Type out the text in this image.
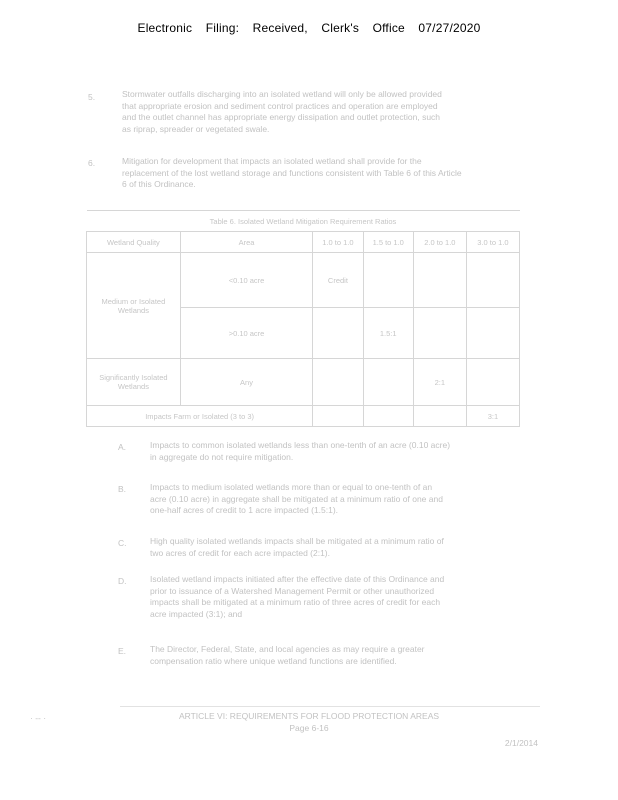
Electronic Filing: Received, Clerk's Office 07/27/2020
5.	Stormwater outfalls discharging into an isolated wetland will only be allowed provided
that appropriate erosion and sediment control practices and operation are employed
and the outlet channel has appropriate energy dissipation and outlet protection, such
as riprap, spreader or vegetated swale.
6.	Mitigation for development that impacts an isolated wetland shall provide for the
replacement of the lost wetland storage and functions consistent with Table 6 of this Article
6 of this Ordinance.
Table 6. Isolated Wetland Mitigation Requirement Ratios					
Wetland Quality	Area	1.0 to 1.0	1.5 to 1.0	2.0 to 1.0	3.0 to 1.0
Medium or Isolated Wetlands	<0.10 acre	Credit			
	>0.10 acre		1.5:1		
Significantly Isolated Wetlands	Any			2:1	
Impacts Farm or Isolated (3 to 3)					3:1
A.	Impacts to common isolated wetlands less than one-tenth of an acre (0.10 acre)
in aggregate do not require mitigation.
B.	Impacts to medium isolated wetlands more than or equal to one-tenth of an
acre (0.10 acre) in aggregate shall be mitigated at a minimum ratio of one and
one-half acres of credit to 1 acre impacted (1.5:1).
C.	High quality isolated wetlands impacts shall be mitigated at a minimum ratio of
two acres of credit for each acre impacted (2:1).
D.	Isolated wetland impacts initiated after the effective date of this Ordinance and
prior to issuance of a Watershed Management Permit or other unauthorized
impacts shall be mitigated at a minimum ratio of three acres of credit for each
acre impacted (3:1); and
E.	The Director, Federal, State, and local agencies as may require a greater
compensation ratio where unique wetland functions are identified.
· -- ·	ARTICLE VI: REQUIREMENTS FOR FLOOD PROTECTION AREAS
Page 6-16
2/1/2014
